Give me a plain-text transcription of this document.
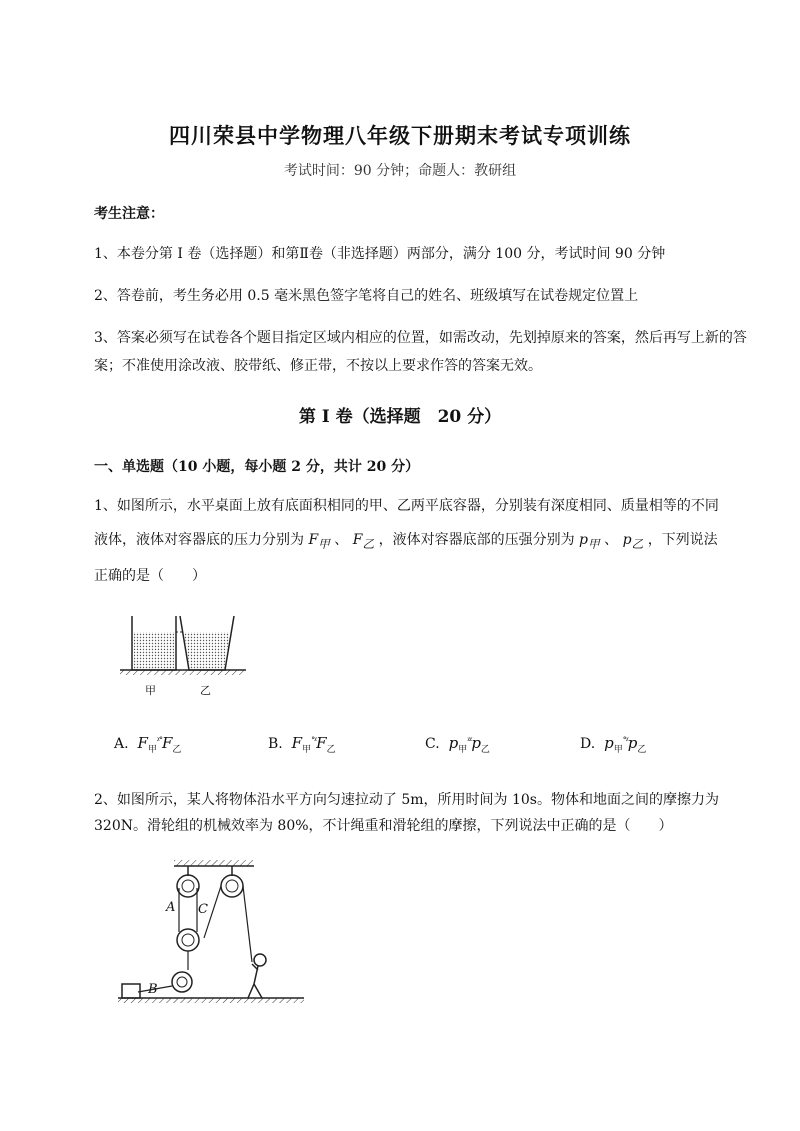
四川荣县中学物理八年级下册期末考试专项训练
考试时间：90 分钟；命题人：教研组
考生注意：
1、本卷分第 I 卷（选择题）和第Ⅱ卷（非选择题）两部分，满分 100 分，考试时间 90 分钟
2、答卷前，考生务必用 0.5 毫米黑色签字笔将自己的姓名、班级填写在试卷规定位置上
3、答案必须写在试卷各个题目指定区域内相应的位置，如需改动，先划掉原来的答案，然后再写上新的答案；不准使用涂改液、胶带纸、修正带，不按以上要求作答的答案无效。
第 I 卷（选择题　20 分）
一、单选题（10 小题，每小题 2 分，共计 20 分）
1、如图所示，水平桌面上放有底面积相同的甲、乙两平底容器，分别装有深度相同、质量相等的不同
液体，液体对容器底的压力分别为 $F_甲$ 、 $F_乙$ ，液体对容器底部的压强分别为 $p_甲$ 、 $p_乙$ ，下列说法
正确的是（　　）
甲	乙
A. $F_甲^{ᵡ^\circ}F_乙$	B. $F_甲^{^\circ ᵡ}F_乙$	C. $p_甲^{ᵡᵡ}p_乙$	D. $p_甲^{^\circ ᵡ}p_乙$
2、如图所示，某人将物体沿水平方向匀速拉动了 5m，所用时间为 10s。物体和地面之间的摩擦力为
320N。滑轮组的机械效率为 80%，不计绳重和滑轮组的摩擦，下列说法中正确的是（　　）
A C
B
